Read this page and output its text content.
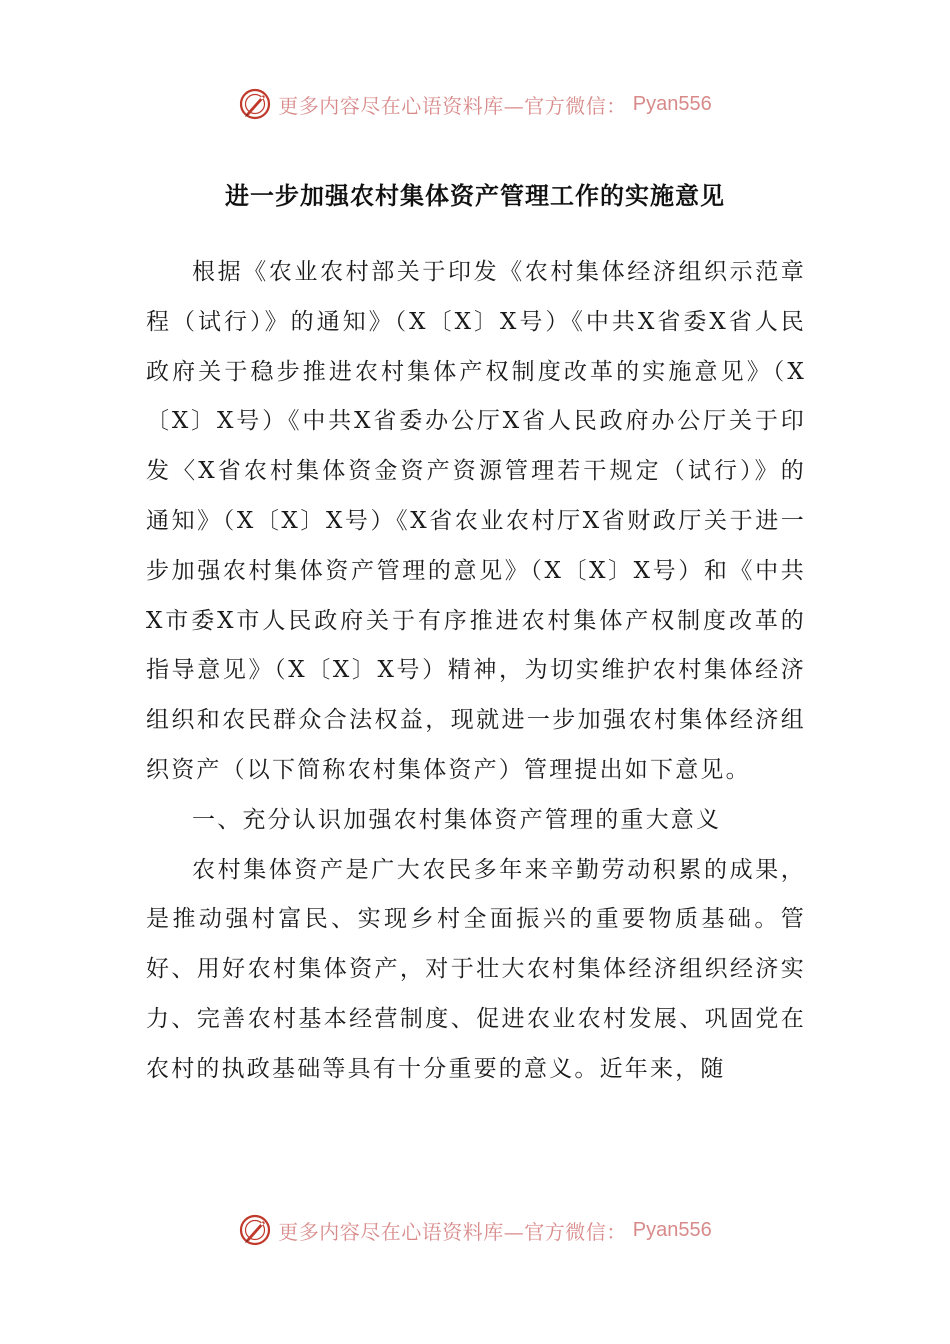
更多内容尽在心语资料库—官方微信： Pyan556
进一步加强农村集体资产管理工作的实施意见

根据《农业农村部关于印发《农村集体经济组织示范章程（试行）》的通知》（X〔X〕X号）《中共X省委X省人民政府关于稳步推进农村集体产权制度改革的实施意见》（X〔X〕X号）《中共X省委办公厅X省人民政府办公厅关于印发〈X省农村集体资金资产资源管理若干规定（试行）》的通知》（X〔X〕X号）《X省农业农村厅X省财政厅关于进一步加强农村集体资产管理的意见》（X〔X〕X号）和《中共X市委X市人民政府关于有序推进农村集体产权制度改革的指导意见》（X〔X〕X号）精神，为切实维护农村集体经济组织和农民群众合法权益，现就进一步加强农村集体经济组织资产（以下简称农村集体资产）管理提出如下意见。

一、充分认识加强农村集体资产管理的重大意义

农村集体资产是广大农民多年来辛勤劳动积累的成果，是推动强村富民、实现乡村全面振兴的重要物质基础。管好、用好农村集体资产，对于壮大农村集体经济组织经济实力、完善农村基本经营制度、促进农业农村发展、巩固党在农村的执政基础等具有十分重要的意义。近年来，随

更多内容尽在心语资料库—官方微信： Pyan556
